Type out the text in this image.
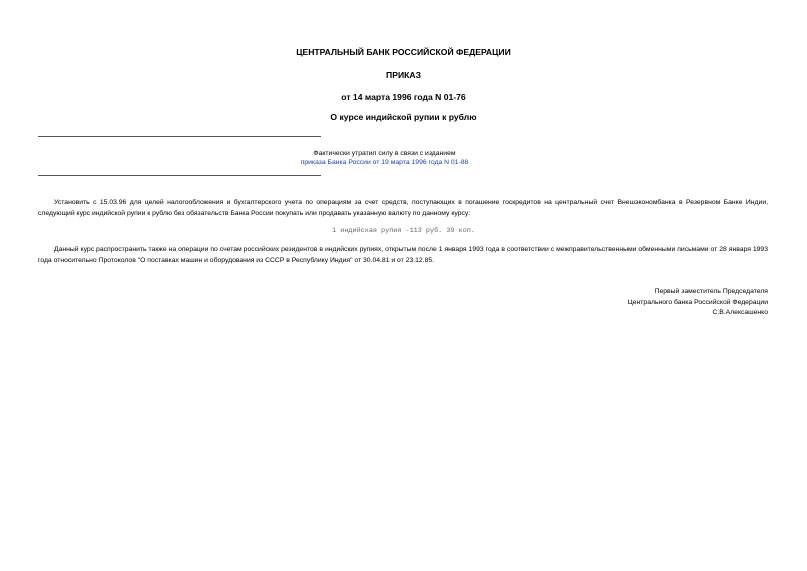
ЦЕНТРАЛЬНЫЙ БАНК РОССИЙСКОЙ ФЕДЕРАЦИИ
ПРИКАЗ
от 14 марта 1996 года N 01-76
О курсе индийской рупии к рублю
Фактически утратил силу в связи с изданием
приказа Банка России от 19 марта 1996 года N 01-88
Установить с 15.03.96 для целей налогообложения и бухгалтерского учета по операциям за счет средств, поступающих в погашение госкредитов на центральный счет Внешэкономбанка в Резервном Банке Индии, следующий курс индийской рупии к рублю без обязательств Банка России покупать или продавать указанную валюту по данному курсу:
1 индийская рупия -113 руб. 39 коп.
Данный курс распространить также на операции по счетам российских резидентов в индийских рупиях, открытым после 1 января 1993 года в соответствии с межправительственными обменными письмами от 28 января 1993 года относительно Протоколов "О поставках машин и оборудования из СССР в Республику Индия" от 30.04.81 и от 23.12.85.
Первый заместитель Председателя
Центрального банка Российской Федерации
С.В.Алексашенко
